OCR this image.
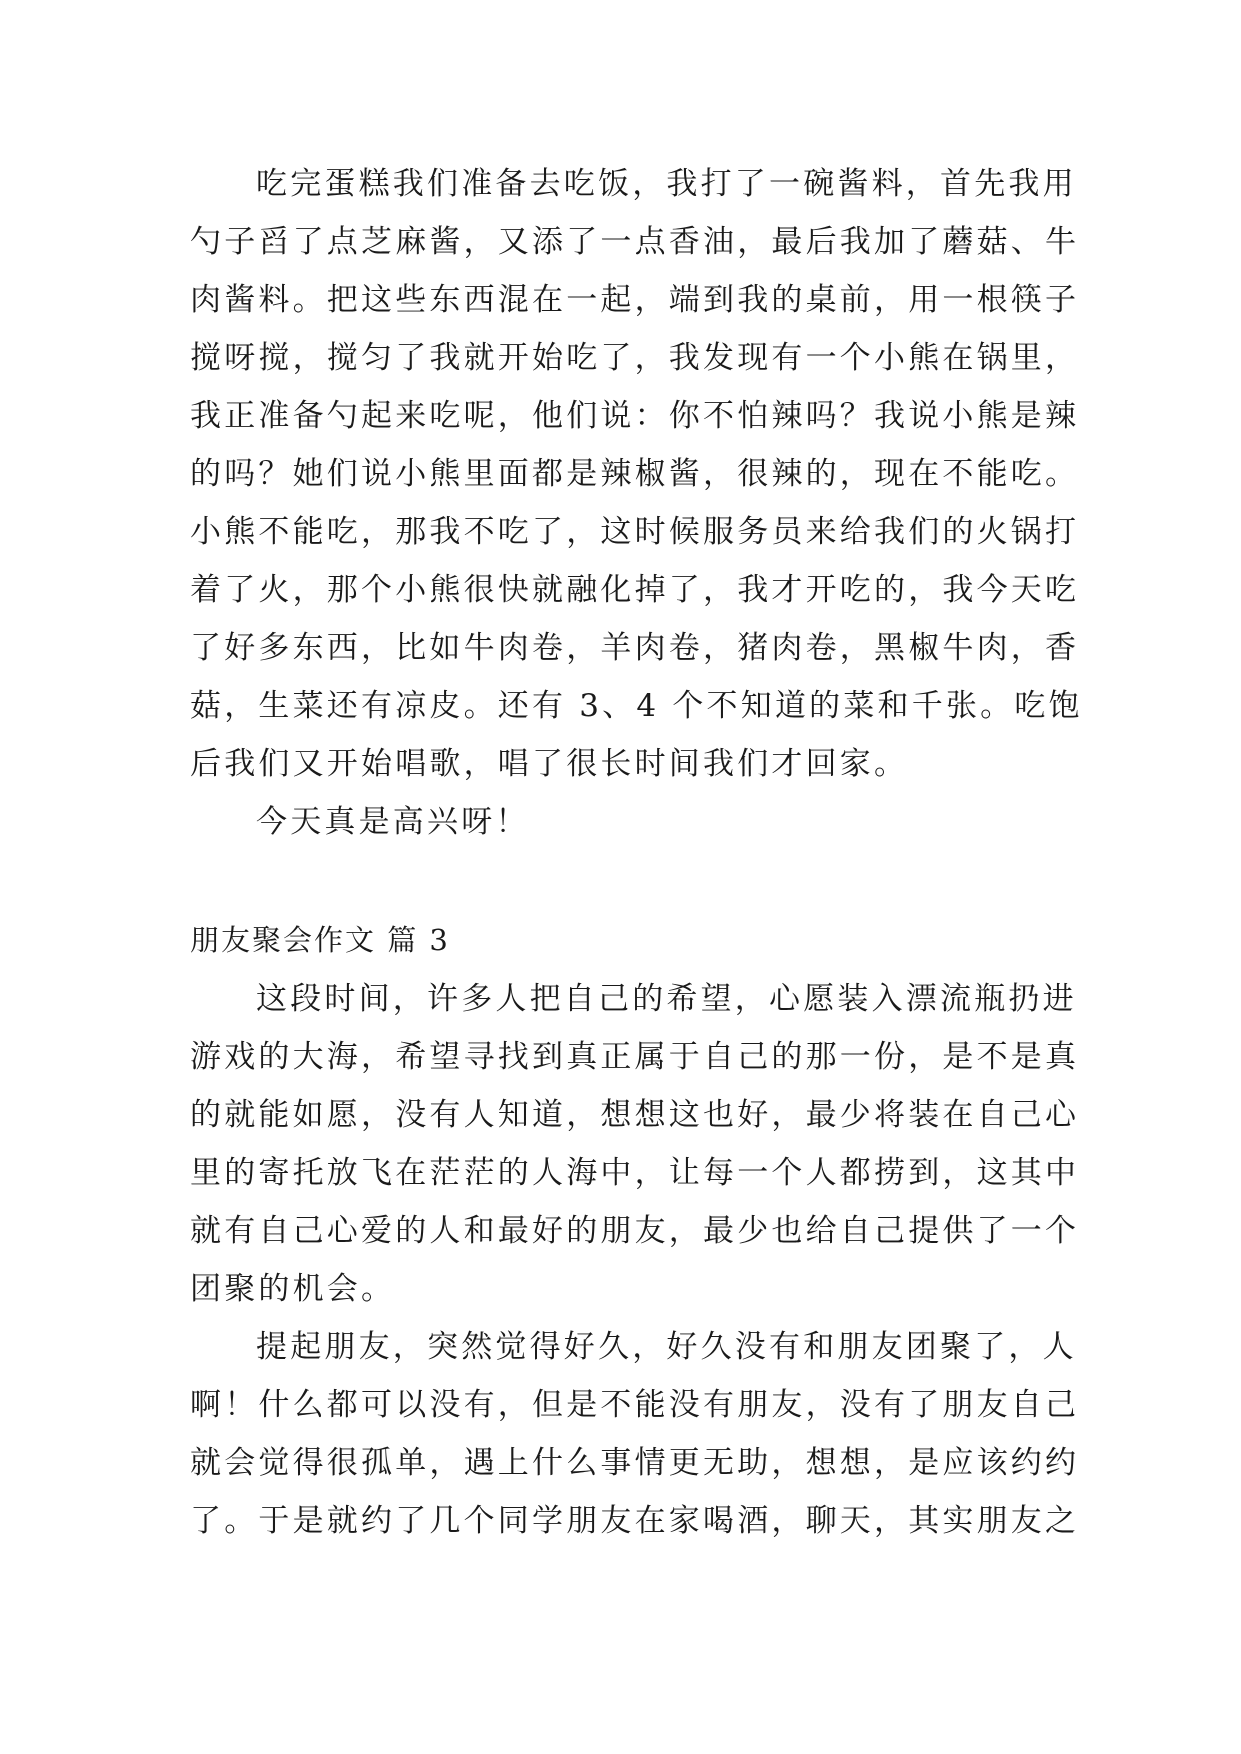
吃完蛋糕我们准备去吃饭，我打了一碗酱料，首先我用
勺子舀了点芝麻酱，又添了一点香油，最后我加了蘑菇、牛
肉酱料。把这些东西混在一起，端到我的桌前，用一根筷子
搅呀搅，搅匀了我就开始吃了，我发现有一个小熊在锅里，
我正准备勺起来吃呢，他们说：你不怕辣吗？我说小熊是辣
的吗？她们说小熊里面都是辣椒酱，很辣的，现在不能吃。
小熊不能吃，那我不吃了，这时候服务员来给我们的火锅打
着了火，那个小熊很快就融化掉了，我才开吃的，我今天吃
了好多东西，比如牛肉卷，羊肉卷，猪肉卷，黑椒牛肉，香
菇，生菜还有凉皮。还有 3、4 个不知道的菜和千张。吃饱
后我们又开始唱歌，唱了很长时间我们才回家。
今天真是高兴呀！
朋友聚会作文 篇 3
这段时间，许多人把自己的希望，心愿装入漂流瓶扔进
游戏的大海，希望寻找到真正属于自己的那一份，是不是真
的就能如愿，没有人知道，想想这也好，最少将装在自己心
里的寄托放飞在茫茫的人海中，让每一个人都捞到，这其中
就有自己心爱的人和最好的朋友，最少也给自己提供了一个
团聚的机会。
提起朋友，突然觉得好久，好久没有和朋友团聚了，人
啊！什么都可以没有，但是不能没有朋友，没有了朋友自己
就会觉得很孤单，遇上什么事情更无助，想想，是应该约约
了。于是就约了几个同学朋友在家喝酒，聊天，其实朋友之
